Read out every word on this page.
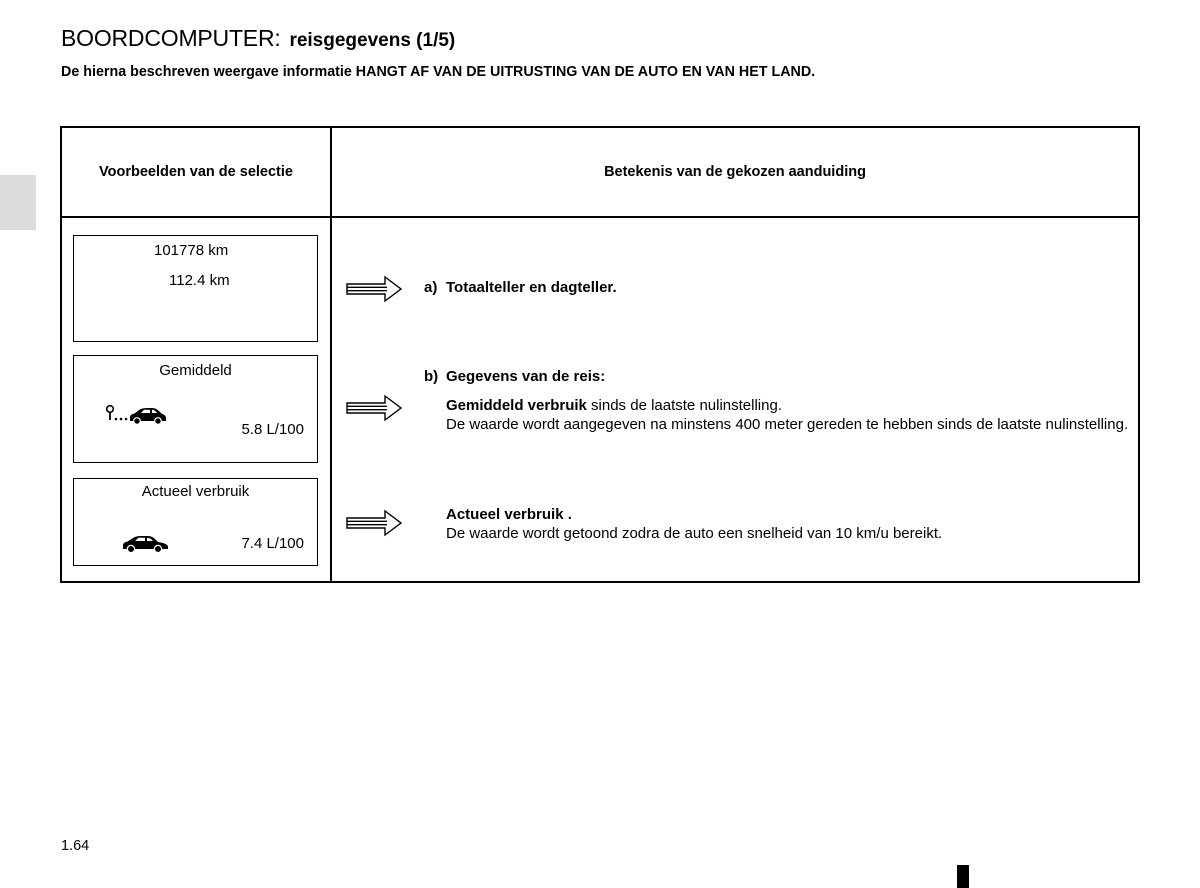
BOORDCOMPUTER: reisgegevens (1/5)
De hierna beschreven weergave informatie HANGT AF VAN DE UITRUSTING VAN DE AUTO EN VAN HET LAND.
Voorbeelden van de selectie	Betekenis van de gekozen aanduiding
101778 km
112.4 km
Gemiddeld
5.8 L/100
Actueel verbruik
7.4 L/100
a) Totaalteller en dagteller.
b) Gegevens van de reis:
Gemiddeld verbruik sinds de laatste nulinstelling.
De waarde wordt aangegeven na minstens 400 meter gereden te hebben sinds de laatste nulinstelling.
Actueel verbruik .
De waarde wordt getoond zodra de auto een snelheid van 10 km/u bereikt.
1.64
